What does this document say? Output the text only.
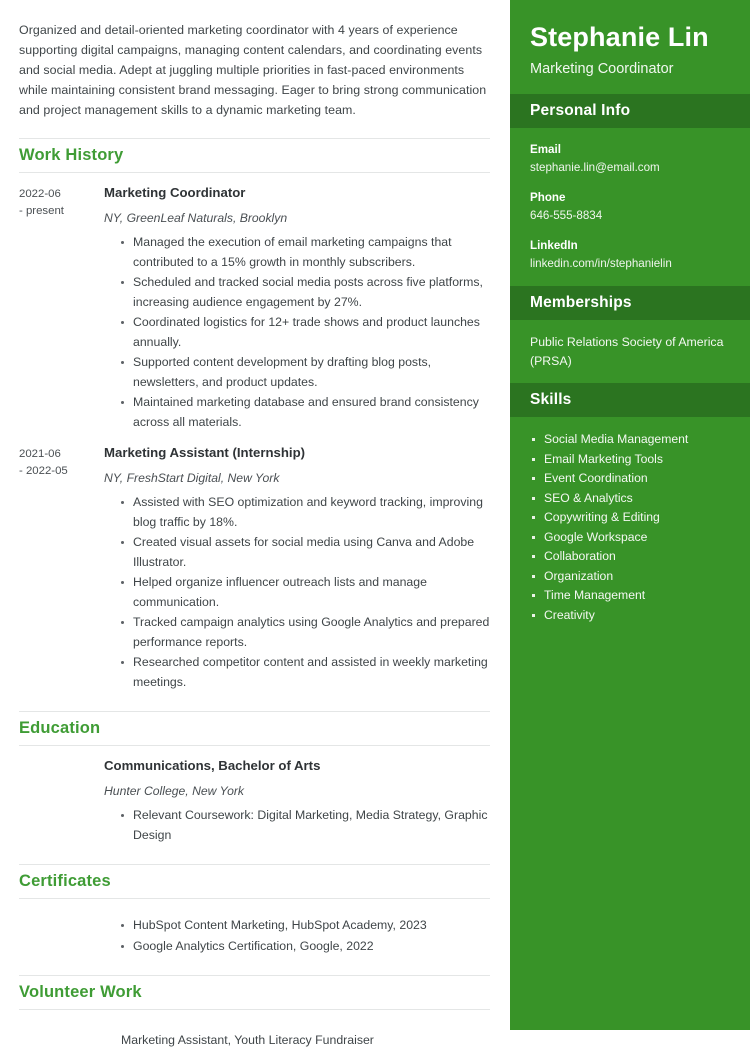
Organized and detail-oriented marketing coordinator with 4 years of experience supporting digital campaigns, managing content calendars, and coordinating events and social media. Adept at juggling multiple priorities in fast-paced environments while maintaining consistent brand messaging. Eager to bring strong communication and project management skills to a dynamic marketing team.

Work History
2022-06
- present
Marketing Coordinator
NY, GreenLeaf Naturals, Brooklyn
Managed the execution of email marketing campaigns that contributed to a 15% growth in monthly subscribers.
Scheduled and tracked social media posts across five platforms, increasing audience engagement by 27%.
Coordinated logistics for 12+ trade shows and product launches annually.
Supported content development by drafting blog posts, newsletters, and product updates.
Maintained marketing database and ensured brand consistency across all materials.
2021-06
- 2022-05
Marketing Assistant (Internship)
NY, FreshStart Digital, New York
Assisted with SEO optimization and keyword tracking, improving blog traffic by 18%.
Created visual assets for social media using Canva and Adobe Illustrator.
Helped organize influencer outreach lists and manage communication.
Tracked campaign analytics using Google Analytics and prepared performance reports.
Researched competitor content and assisted in weekly marketing meetings.
Education
Communications, Bachelor of Arts
Hunter College, New York
Relevant Coursework: Digital Marketing, Media Strategy, Graphic Design
Certificates
HubSpot Content Marketing, HubSpot Academy, 2023
Google Analytics Certification, Google, 2022
Volunteer Work
Marketing Assistant, Youth Literacy Fundraiser
Stephanie Lin
Marketing Coordinator
Personal Info
Email
stephanie.lin@email.com
Phone
646-555-8834
LinkedIn
linkedin.com/in/stephanielin
Memberships
Public Relations Society of America (PRSA)
Skills
Social Media Management
Email Marketing Tools
Event Coordination
SEO & Analytics
Copywriting & Editing
Google Workspace
Collaboration
Organization
Time Management
Creativity
